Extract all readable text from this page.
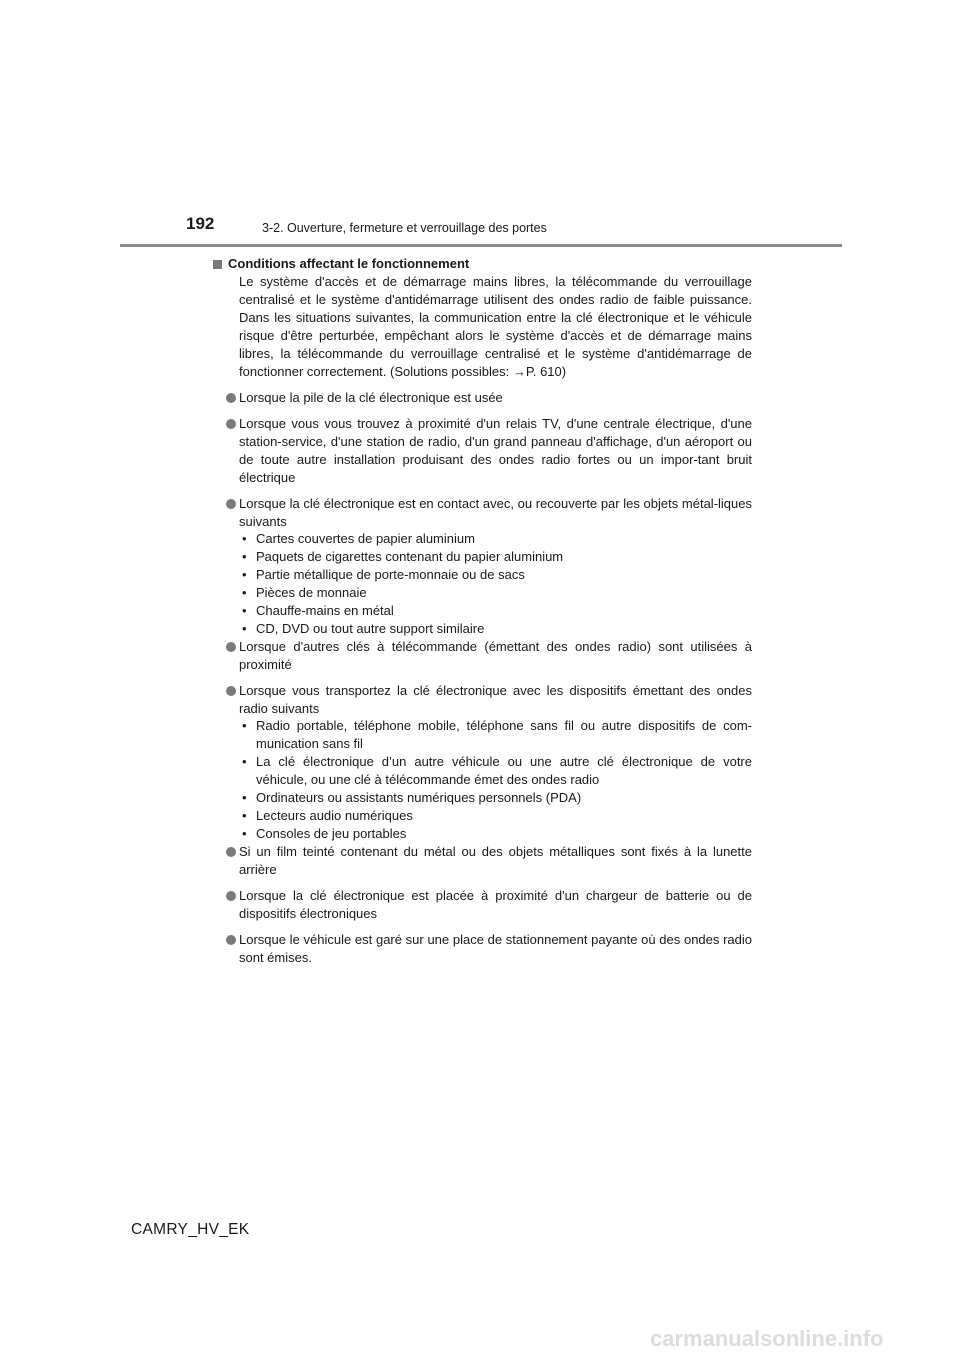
192	3-2. Ouverture, fermeture et verrouillage des portes
Conditions affectant le fonctionnement

Le système d'accès et de démarrage mains libres, la télécommande du verrouillage centralisé et le système d'antidémarrage utilisent des ondes radio de faible puissance. Dans les situations suivantes, la communication entre la clé électronique et le véhicule risque d'être perturbée, empêchant alors le système d'accès et de démarrage mains libres, la télécommande du verrouillage centralisé et le système d'antidémarrage de fonctionner correctement. (Solutions possibles: →P. 610)

Lorsque la pile de la clé électronique est usée
Lorsque vous vous trouvez à proximité d'un relais TV, d'une centrale électrique, d'une station-service, d'une station de radio, d'un grand panneau d'affichage, d'un aéroport ou de toute autre installation produisant des ondes radio fortes ou un impor-tant bruit électrique
Lorsque la clé électronique est en contact avec, ou recouverte par les objets métal-liques suivants
• Cartes couvertes de papier aluminium
• Paquets de cigarettes contenant du papier aluminium
• Partie métallique de porte-monnaie ou de sacs
• Pièces de monnaie
• Chauffe-mains en métal
• CD, DVD ou tout autre support similaire
Lorsque d'autres clés à télécommande (émettant des ondes radio) sont utilisées à proximité
Lorsque vous transportez la clé électronique avec les dispositifs émettant des ondes radio suivants
• Radio portable, téléphone mobile, téléphone sans fil ou autre dispositifs de com-munication sans fil
• La clé électronique d’un autre véhicule ou une autre clé électronique de votre véhicule, ou une clé à télécommande émet des ondes radio
• Ordinateurs ou assistants numériques personnels (PDA)
• Lecteurs audio numériques
• Consoles de jeu portables
Si un film teinté contenant du métal ou des objets métalliques sont fixés à la lunette arrière
Lorsque la clé électronique est placée à proximité d'un chargeur de batterie ou de dispositifs électroniques
Lorsque le véhicule est garé sur une place de stationnement payante où des ondes radio sont émises.
CAMRY_HV_EK
carmanualsonline.info
